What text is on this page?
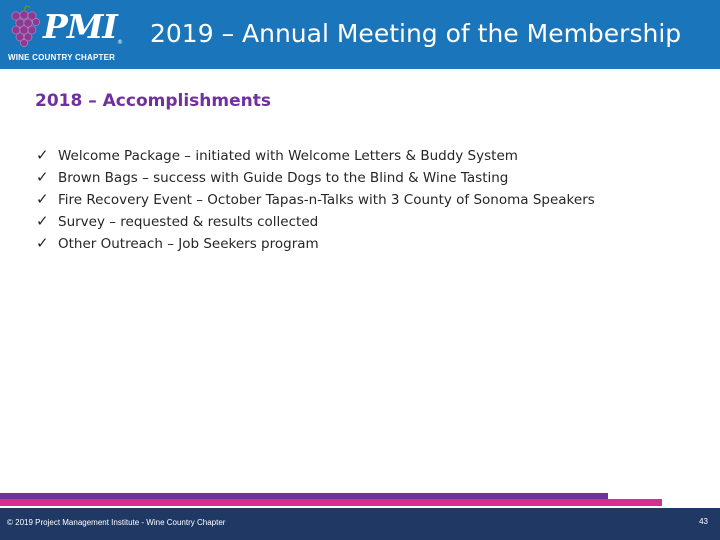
PMI ®
WINE COUNTRY CHAPTER
2019 – Annual Meeting of the Membership
2018 – Accomplishments
✓ Welcome Package – initiated with Welcome Letters & Buddy System
✓ Brown Bags – success with Guide Dogs to the Blind & Wine Tasting
✓ Fire Recovery Event – October Tapas-n-Talks with 3 County of Sonoma Speakers
✓ Survey – requested & results collected
✓ Other Outreach – Job Seekers program
© 2019 Project Management Institute - Wine Country Chapter	43
